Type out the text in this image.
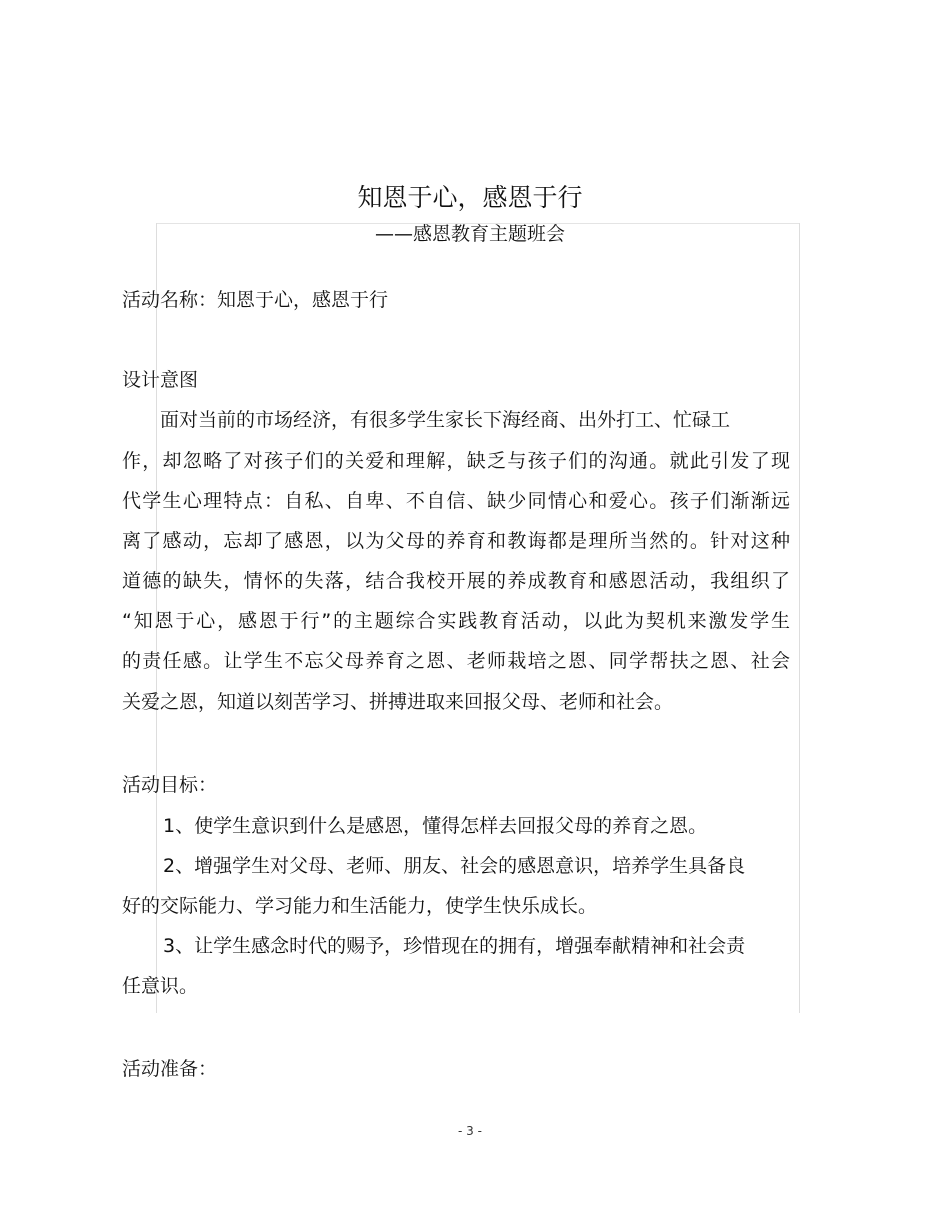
知恩于心，感恩于行
——感恩教育主题班会
活动名称：知恩于心，感恩于行
设计意图
面对当前的市场经济，有很多学生家长下海经商、出外打工、忙碌工
作，却忽略了对孩子们的关爱和理解，缺乏与孩子们的沟通。就此引发了现
代学生心理特点：自私、自卑、不自信、缺少同情心和爱心。孩子们渐渐远
离了感动，忘却了感恩，以为父母的养育和教诲都是理所当然的。针对这种
道德的缺失，情怀的失落，结合我校开展的养成教育和感恩活动，我组织了
“知恩于心，感恩于行”的主题综合实践教育活动，以此为契机来激发学生
的责任感。让学生不忘父母养育之恩、老师栽培之恩、同学帮扶之恩、社会
关爱之恩，知道以刻苦学习、拼搏进取来回报父母、老师和社会。
活动目标：
1、使学生意识到什么是感恩，懂得怎样去回报父母的养育之恩。
2、增强学生对父母、老师、朋友、社会的感恩意识，培养学生具备良
好的交际能力、学习能力和生活能力，使学生快乐成长。
3、让学生感念时代的赐予，珍惜现在的拥有，增强奉献精神和社会责
任意识。
活动准备：
- 3 -
